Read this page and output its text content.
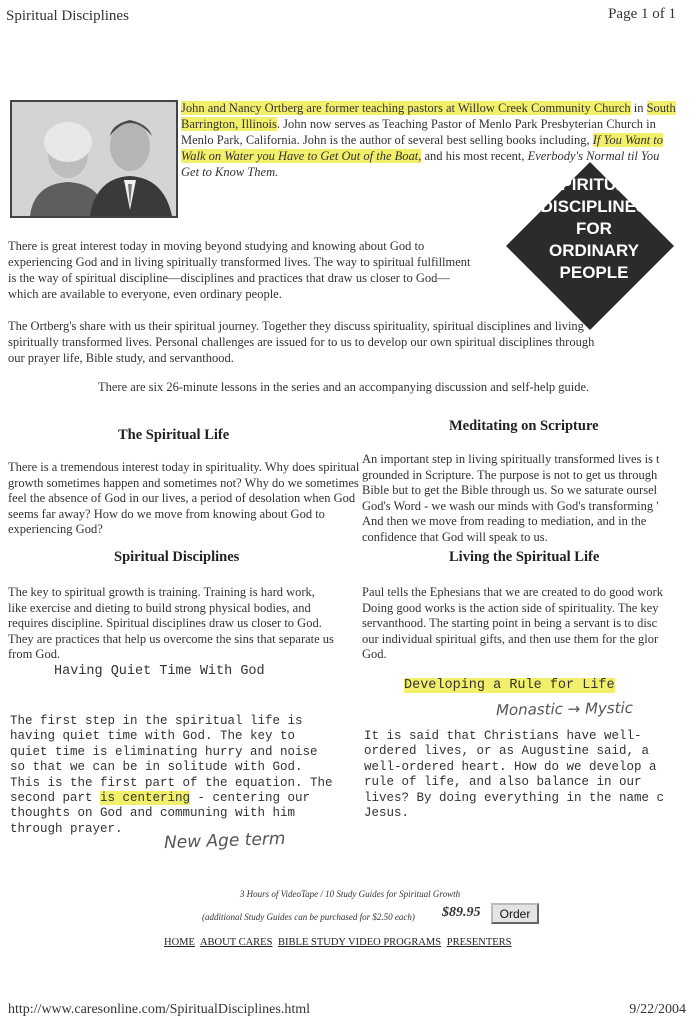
Spiritual Disciplines	Page 1 of 1
John and Nancy Ortberg are former teaching pastors at Willow Creek Community Church in South Barrington, Illinois. John now serves as Teaching Pastor of Menlo Park Presbyterian Church in Menlo Park, California. John is the author of several best selling books including, If You Want to Walk on Water you Have to Get Out of the Boat, and his most recent, Everbody's Normal til You Get to Know Them.
SPIRITUAL
DISCIPLINES
FOR
ORDINARY
PEOPLE
There is great interest today in moving beyond studying and knowing about God to experiencing God and in living spiritually transformed lives. The way to spiritual fulfillment is the way of spiritual discipline—disciplines and practices that draw us closer to God— which are available to everyone, even ordinary people.
The Ortberg's share with us their spiritual journey. Together they discuss spirituality, spiritual disciplines and living spiritually transformed lives. Personal challenges are issued for to us to develop our own spiritual disciplines through our prayer life, Bible study, and servanthood.
There are six 26-minute lessons in the series and an accompanying discussion and self-help guide.
The Spiritual Life
There is a tremendous interest today in spirituality. Why does spiritual growth sometimes happen and sometimes not? Why do we sometimes feel the absence of God in our lives, a period of desolation when God seems far away? How do we move from knowing about God to experiencing God?
Meditating on Scripture
An important step in living spiritually transformed lives is t
grounded in Scripture. The purpose is not to get us through
Bible but to get the Bible through us. So we saturate oursel
God's Word - we wash our minds with God's transforming '
And then we move from reading to mediation, and in the
confidence that God will speak to us.
Spiritual Disciplines
The key to spiritual growth is training. Training is hard work,
like exercise and dieting to build strong physical bodies, and
requires discipline. Spiritual disciplines draw us closer to God.
They are practices that help us overcome the sins that separate us
from God.
Living the Spiritual Life
Paul tells the Ephesians that we are created to do good work
Doing good works is the action side of spirituality. The key
servanthood. The starting point in being a servant is to disc
our individual spiritual gifts, and then use them for the glor
God.
Having Quiet Time With God
The first step in the spiritual life is
having quiet time with God. The key to
quiet time is eliminating hurry and noise
so that we can be in solitude with God.
This is the first part of the equation. The
second part is centering - centering our
thoughts on God and communing with him
through prayer.
Developing a Rule for Life
It is said that Christians have well-
ordered lives, or as Augustine said, a
well-ordered heart. How do we develop a
rule of life, and also balance in our
lives? By doing everything in the name c
Jesus.
New Age term
Monastic → Mystic
3 Hours of VideoTape / 10 Study Guides for Spiritual Growth
(additional Study Guides can be purchased for $2.50 each) $89.95	Order
HOME ABOUT CARES BIBLE STUDY VIDEO PROGRAMS PRESENTERS
http://www.caresonline.com/SpiritualDisciplines.html	9/22/2004
